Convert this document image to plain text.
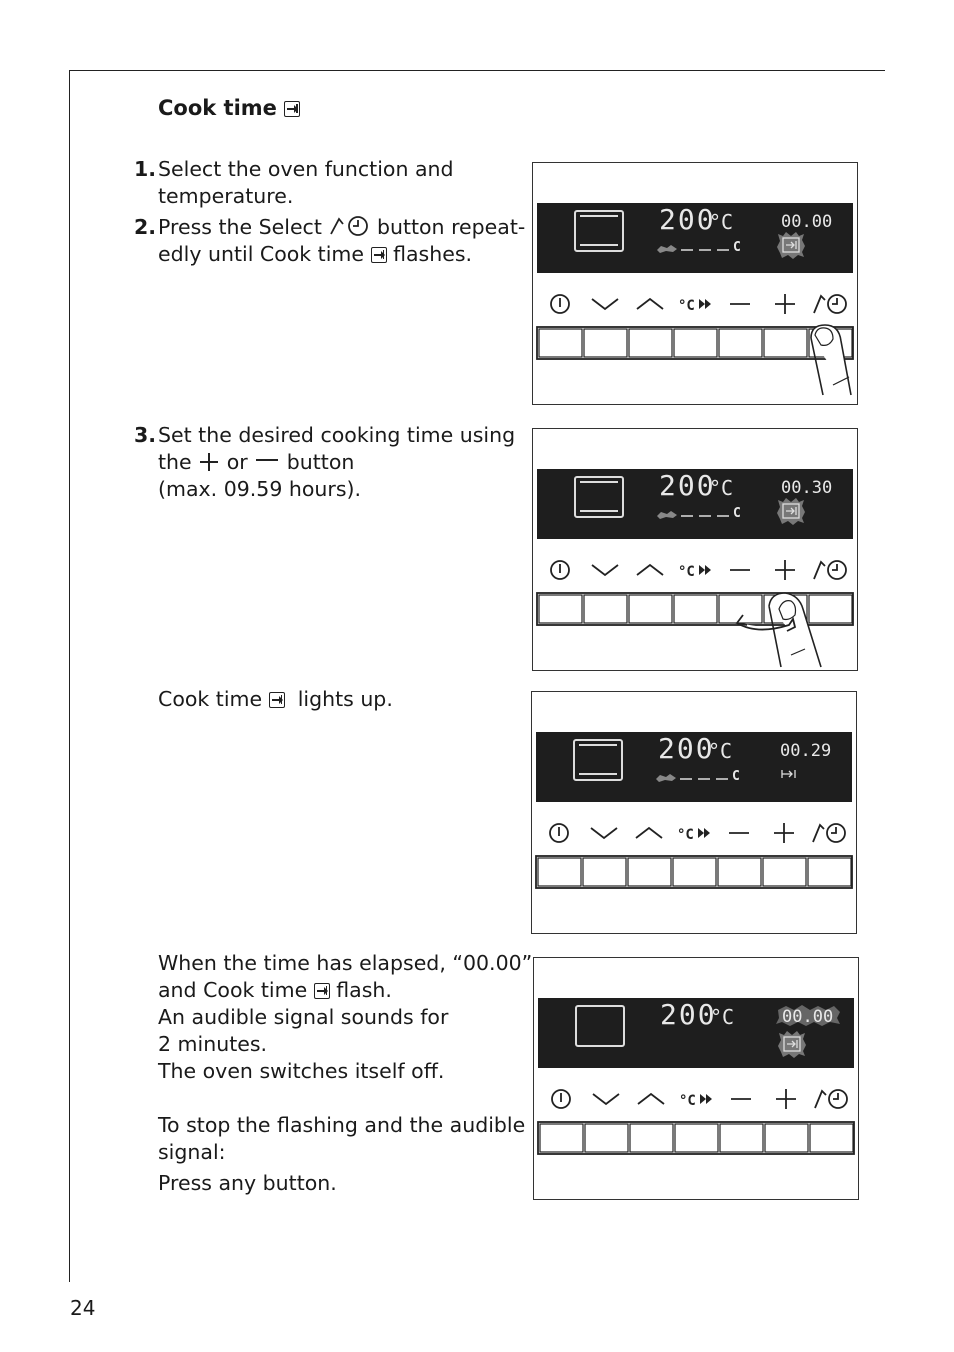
Cook time
1. Select the oven function and
temperature.
2. Press the Select	button repeat-
edly until Cook time flashes.
3. Set the desired cooking time using
the or button
(max. 09.59 hours).
Cook time lights up.
When the time has elapsed, “00.00”
and Cook time flash.
An audible signal sounds for
2 minutes.
The oven switches itself off.
To stop the flashing and the audible
signal:
Press any button.
200
°C
C
00.00
°C
200
°C
C
00.30
°C
200
°C
C
00.29
°C
200
°C	00.00
°C
24
